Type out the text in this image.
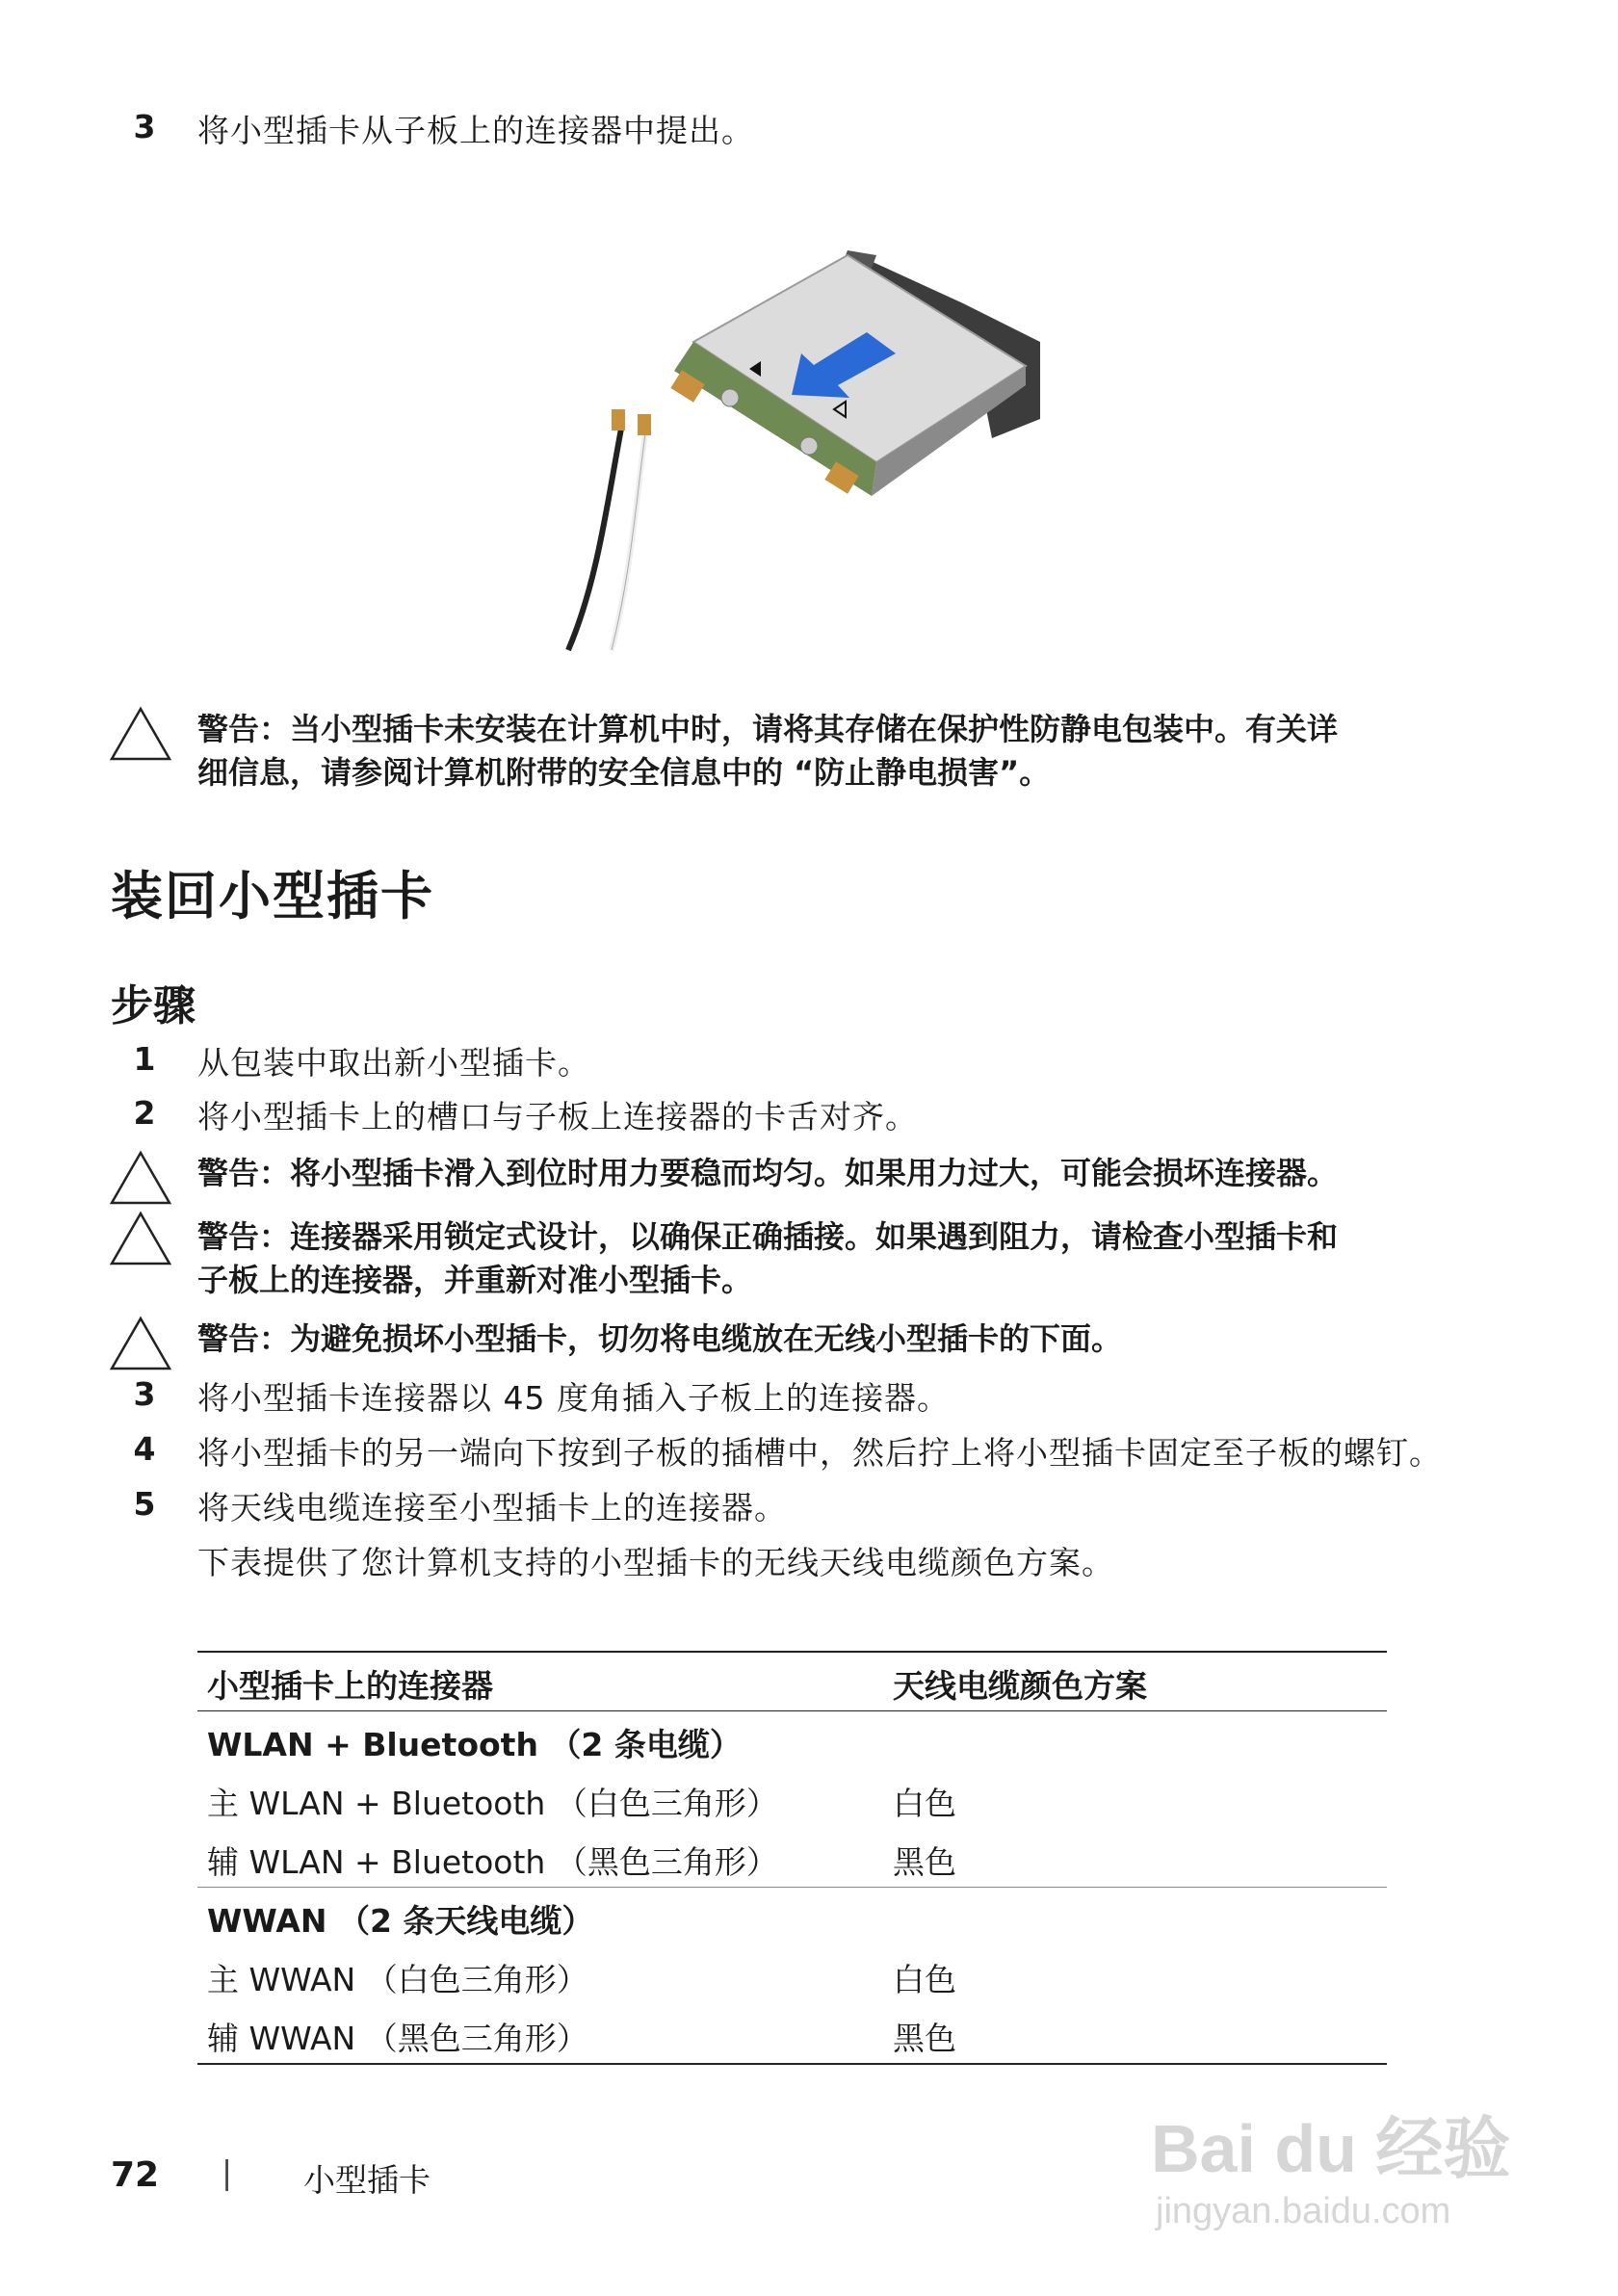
3 将小型插卡从子板上的连接器中提出。
警告：当小型插卡未安装在计算机中时，请将其存储在保护性防静电包装中。有关详
细信息，请参阅计算机附带的安全信息中的 “防止静电损害”。
装回小型插卡
步骤
1 从包装中取出新小型插卡。
2 将小型插卡上的槽口与子板上连接器的卡舌对齐。
警告：将小型插卡滑入到位时用力要稳而均匀。如果用力过大，可能会损坏连接器。
警告：连接器采用锁定式设计，以确保正确插接。如果遇到阻力，请检查小型插卡和
子板上的连接器，并重新对准小型插卡。
警告：为避免损坏小型插卡，切勿将电缆放在无线小型插卡的下面。
3 将小型插卡连接器以 45 度角插入子板上的连接器。
4 将小型插卡的另一端向下按到子板的插槽中，然后拧上将小型插卡固定至子板的螺钉。
5 将天线电缆连接至小型插卡上的连接器。
下表提供了您计算机支持的小型插卡的无线天线电缆颜色方案。
小型插卡上的连接器	天线电缆颜色方案
WLAN + Bluetooth （2 条电缆）
主 WLAN + Bluetooth （白色三角形）	白色
辅 WLAN + Bluetooth （黑色三角形）	黑色
WWAN （2 条天线电缆）
主 WWAN （白色三角形）	白色
辅 WWAN （黑色三角形）	黑色
72 | 小型插卡	Bai du 经验
jingyan.baidu.com
